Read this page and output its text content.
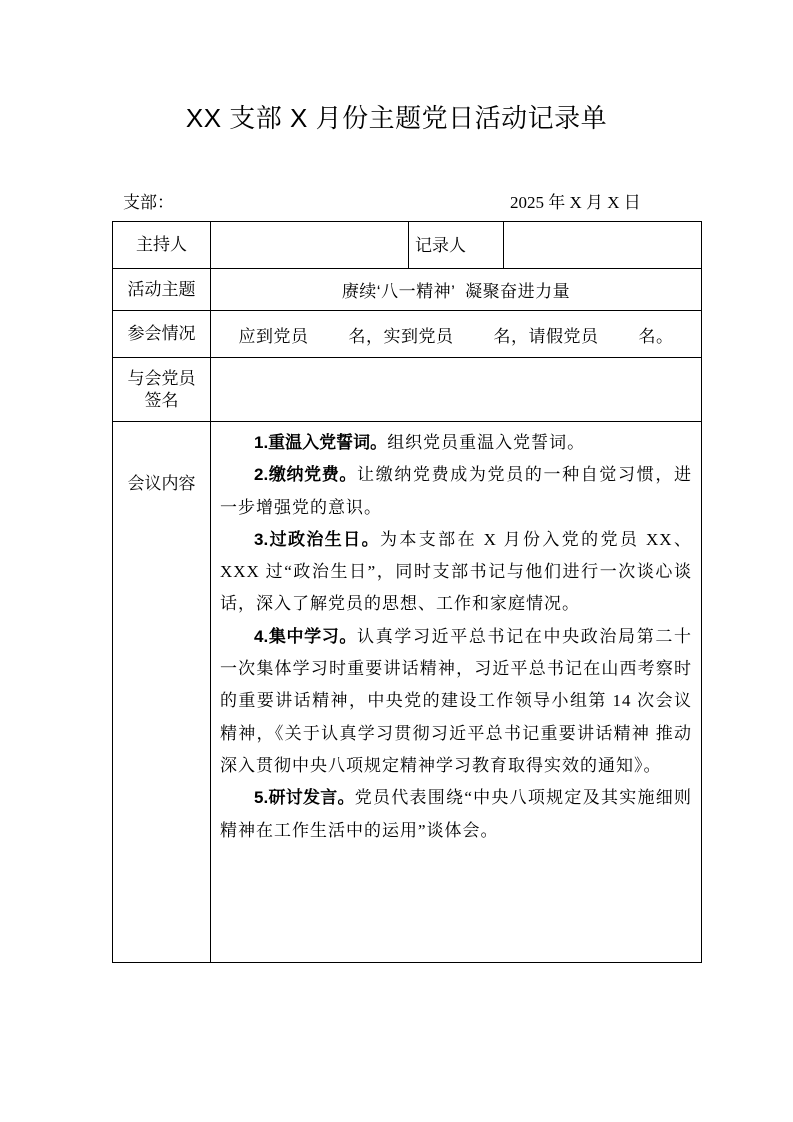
XX 支部 X 月份主题党日活动记录单
支部：	2025 年 X 月 X 日
主持人		记录人	
活动主题	赓续‘八一精神’  凝聚奋进力量		
参会情况	应到党员 名，实到党员 名，请假党员 名。		

与会党员
签名			

会议内容	1.重温入党誓词。组织党员重温入党誓词。

2.缴纳党费。让缴纳党费成为党员的一种自觉习惯，进一步增强党的意识。

3.过政治生日。为本支部在 X 月份入党的党员 XX、XXX 过“政治生日”，同时支部书记与他们进行一次谈心谈话，深入了解党员的思想、工作和家庭情况。

4.集中学习。认真学习近平总书记在中央政治局第二十一次集体学习时重要讲话精神，习近平总书记在山西考察时的重要讲话精神，中央党的建设工作领导小组第 14 次会议精神，《关于认真学习贯彻习近平总书记重要讲话精神 推动深入贯彻中央八项规定精神学习教育取得实效的通知》。

5.研讨发言。党员代表围绕“中央八项规定及其实施细则精神在工作生活中的运用”谈体会。		
